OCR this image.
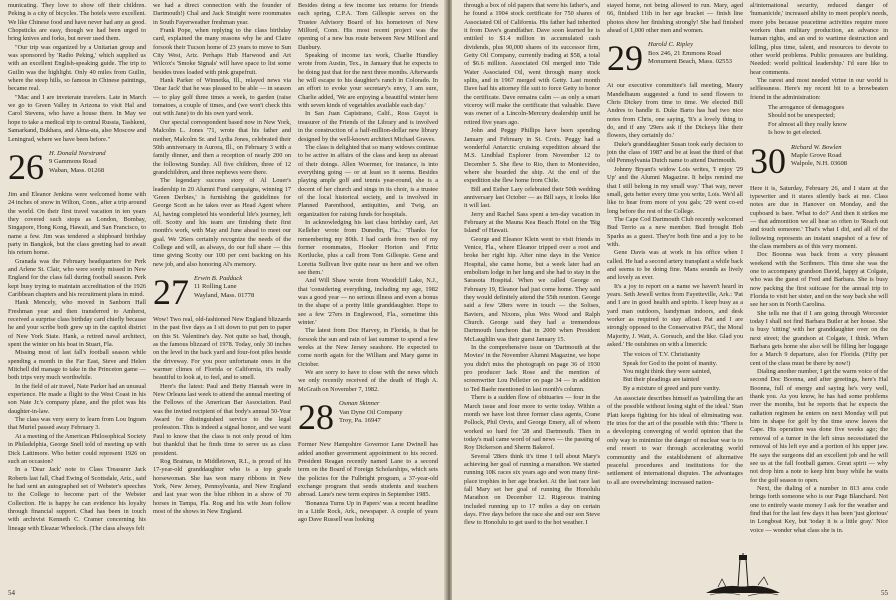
municating. They love to show off their children. Peking is a city of bicycles. The hotels were excellent. We like Chinese food and have never had any as good. Chopsticks are easy, though we had been urged to bring knives and forks, but never used them.

"Our trip was organized by a Unitarian group and was sponsored by 'Radio Peking,' which supplied us with an excellent English-speaking guide. The trip to Guilin was the highlight. Only 40 miles from Guilin, where the steep hills, so famous in Chinese paintings, became real.

"Mac and I are inveterate travelers. Late in March we go to Green Valley in Arizona to visit Hal and Carol Stevens, who have a house there. In May we hope to take a medical trip to central Russia, Tashkent, Samarkand, Bukhara, and Alma-ata, also Moscow and Leningrad, where we have been before."

26 H. Donald Norstrand
9 Gammons Road
Waban, Mass. 01268

Jim and Eleanor Jenkins were welcomed home with 24 inches of snow in Wilton, Conn., after a trip around the world. On their first travel vacation in ten years they covered such stops as London, Bombay, Singapore, Hong Kong, Hawaii, and San Francisco, to name a few. Jim was tendered a shipboard birthday party in Bangkok, but the class greeting had to await his return home.

Granada was the February headquarters for Perk and Arlene St. Clair, who were sorely missed in New England for the class fall during football season. Perk kept busy trying to maintain accreditation of the 1926 Caribbean chapters and his recruitment plans in mind.

Hank Mencely, who moved in Sanborn Hall Freshman year and then transferred to Amherst, received a surprise class birthday card chiefly because he and your scribe both grew up in the capitol district of New York State. Hank, a retired naval architect, spent the winter on his boat in Stuart, Fla.

Missing most of last fall's football season while spending a month in the Far East, Steve and Helen Mitchell did manage to take in the Princeton game — both trips very much worthwhile.

In the field of air travel, Nate Parker had an unusual experience. He made a flight to the West Coast in his son Nate Jr.'s company plane, and the pilot was his daughter-in-law.

The class was very sorry to learn from Lou Ingram that Muriel passed away February 3.

At a meeting of the American Philosophical Society in Philadelphia, George Snell told of meeting up with Dick Lattimore. Who better could represent 1926 on such an occasion?

In a 'Dear Jack' note to Class Treasurer Jack Roberts last fall, Chad Ewing of Scottsdale, Ariz., said he had sent an autographed set of Webster's speeches to the College to become part of the Webster Collection. He is happy he can evidence his loyalty through financial support. Chad has been in touch with archivist Kenneth C. Cramer concerning his lineage with Eleazar Wheelock. (The class always felt

we had a direct connection with the founder of Dartmouth!) Chal and Jack Straight were roommates in South Fayerweather freshman year.

Frank Pope, when replying to the class birthday card, explained the many reasons why he and Claire forsook their Tucson home of 23 years to move to Sun City West, Ariz. Perhaps Hub Harwood and Art Wilcox's 'Smoke Signals' will have space to list some besides trees loaded with pink grapefruit.

Hank Parker of Winnetka, Ill., relayed news via 'Dear Jack' that he was pleased to be able — in season — to play golf three times a week, to garden (raise tomatoes, a couple of times, and (we won't check this out with Jane) to do his own yard work.

Our special correspondent based now in New York, Malcolm L. Jones '71, wrote that his father and mother, Malcolm Sr. and Lydia Jones, celebrated their 50th anniversary in Aurora, Ill., on February 3 with a family dinner, and then a reception of nearly 200 on the following Sunday. All five children, three of 12 grandchildren, and three nephews were there.

The legendary success story of Al Louer's leadership in 20 Alumni Fund campaigns, winning 17 'Green Derbies,' is furnishing the guidelines for George Scott as he takes over as Head Agent where Al, having completed his wonderful life's journey, left off. Scotty and his team are finishing their first month's work, with May and June ahead to meet our goal. We '26ers certainly recognize the needs of the College and will, as always, do our full share — this time giving Scotty our 100 per cent backing on his new job, and also honoring Al's memory.

27 Erwin B. Padduck
11 Rolling Lane
Wayland, Mass. 01778

Wow! Two real, old-fashioned New England blizzards in the past five days as I sit down to put pen to paper on this St. Valentine's day. Not quite so bad, though, as the famous blizzard of 1978. Today, only 30 inches on the level in the back yard and four-foot piles beside the driveway. For you poor unfortunate ones in the warmer climes of Florida or California, it's really beautiful to look at, to feel, and to smell.

Here's the latest: Paul and Betty Hannah were in New Orleans last week to attend the annual meeting of the Fellows of the American Bar Association. Paul was the invited recipient of that body's annual 50-Year Award for distinguished service to the legal profession. This is indeed a signal honor, and we want Paul to know that the class is not only proud of him but thankful that he finds time to serve us as class president.

Rog Brainau, in Middletown, R.I., is proud of his 17-year-old granddaughter who is a top grade horsewoman. She has won many ribbons in New York, New Jersey, Pennsylvania, and New England and last year won the blue ribbon in a show of 70 horses in Tampa, Fla. Rog and his wife Jean follow most of the shows in New England.

Besides doing a few income tax returns for friends each spring, C.P.A. Tom Gillespie serves on the Trustee Advisory Board of his hometown of New Milford, Conn. His most recent project was the opening of a new bus route between New Milford and Danbury.

Speaking of income tax work, Charlie Hundley wrote from Austin, Tex., in January that he expects to be doing just that for the next three months. Afterwards he will escape to his daughter's ranch in Colorado. In an effort to evoke your secretary's envy, I am sure, Charlie added, 'We are enjoying a beautiful winter here with seven kinds of vegetables available each day.'

In San Juan Capistrano, Calif., Ross Guyot is treasurer of the Friends of the Library and is involved in the construction of a half-million-dollar new library designed by the well-known architect Michael Graves.

The class is delighted that so many widows continue to be active in affairs of the class and keep us abreast of their doings. Allen Woermer, for instance, is into everything going — or at least so it seems. Besides playing ample golf and tennis year-round, she is a docent of her church and sings in its choir, is a trustee of the local historical society, and is involved in Planned Parenthood, antiquities, and Twig, an organization for raising funds for hospitals.

In acknowledging his last class birthday card, Art Kelleher wrote from Dunedin, Fla.: 'Thanks for remembering my 80th. I had cards from two of my former roommates, Hooker Horton and Fritz Kortlucke, plus a call from Tom Gillespie. Gene and Loretta Sullivan live quite near us here and we often see them.'

And Will Shaw wrote from Woodcliff Lake, N.J., that 'considering everything, including my age, 1982 was a good year — no serious illness and even a bonus in the shape of a pretty little granddaughter. Hope to see a few '27ers in Englewood, Fla., sometime this winter.'

The latest from Doc Harvey, in Florida, is that he forsook the sun and rain of last summer to spend a few weeks at the New Jersey seashore. He expected to come north again for the William and Mary game in October.

We are sorry to have to close with the news which we only recently received of the death of Hugh A. McGrath on November 7, 1982.

28 Osman Skinner
Van Dyne Oil Company
Troy, Pa. 16947

Former New Hampshire Governor Lane Dwinell has added another government appointment to his record. President Reagan recently named Lane to a second term on the Board of Foreign Scholarships, which sets the policies for the Fulbright program, a 37-year-old exchange program that sends students and teachers abroad. Lane's new term expires in September 1985.

'Bonanza Turns Up in Papers' was a recent headline in a Little Rock, Ark., newspaper. A couple of years ago Dave Russell was looking

54

through a box of old papers that were his father's, and he found a 1904 stock certificate for 750 shares of Associated Oil of California. His father had inherited it from Dave's grandfather. Dave soon learned he is entitled to $1.4 million in accumulated cash dividends, plus 90,000 shares of its successor firm, Getty Oil Company, currently trading at $58, a total of $6.6 million. Associated Oil merged into Tide Water Associated Oil, went through many stock splits, and in 1967 merged with Getty. Last month Dave had his attorney file suit to force Getty to honor the certificate. Dave remains calm — as only a smart viceroy will make the certificate that valuable. Dave was owner of a Lincoln-Mercury dealership until he retired five years ago.

John and Peggy Phillips have been spending January and February in St. Croix. Peggy had a wonderful Antarctic cruising expedition aboard the M.S. Lindblad Explorer from November 12 to December 5. She flew to Rio, then to Montevideo, where she boarded the ship. At the end of the expedition she flew home from Chile.

Bill and Esther Lary celebrated their 50th wedding anniversary last October — as Bill says, it looks like it will last.

Jerry and Rachel Sass spent a ten-day vacation in February at the Mauna Kea Beach Hotel on the 'Big Island' of Hawaii.

George and Eleanor Klein went to visit friends in Venice, Fla., where Eleanor tripped over a root and broke her right hip. After nine days in the Venice Hospital, she came home, but a week later had an embolism lodge in her lung and she had to stay in the Sarasota Hospital. When we called George on February 19, Eleanor had just come home. They said they would definitely attend the 55th reunion. George said a few '28ers were in touch — the Solises, Baviers, and Nixons, plus Wes Wood and Ralph Church. George said they had a tremendous Dartmouth luncheon that in 2000 when President McLaughlin was their guest January 15.

In the comprehensive issue on 'Dartmouth at the Movies' in the November Alumni Magazine, we hope you didn't miss the photograph on page 36 of 1930 pro producer Jack Rose and the mention of screenwriter Lou Pelletier on page 34 — in addition to Ted Baehr mentioned in last month's column.

There is a sudden flow of obituaries — four in the March issue and four more to write today. Within a month we have lost three former class agents, Crane Pollock, Phil Orvis, and George Emery, all of whom worked so hard for '28 and Dartmouth. Then in today's mail came word of sad news — the passing of Roy Dickerson and Sherm Bakerof.

Several '28ers think it's time I tell about Mary's achieving her goal of running a marathon. We started running 10K races six years ago and won many first-place trophies in her age bracket. At the last race last fall Mary set her goal of running the Honolulu Marathon on December 12. Rigorous training included running up to 17 miles a day on certain days. Five days before the race she and our son Steve flew to Honolulu to get used to the hot weather. I

stayed home, not being allowed to run. Mary, aged 66, finished 11th in her age bracket — finish line photos show her finishing strongly! She had finished ahead of 1,000 other men and women.

29 Harold C. Ripley
Box 246, 21 Emmons Road
Monument Beach, Mass. 02553

At our executive committee's fall meeting, Maury Mandelbaum suggested a fund to send flowers to Chris Dickey from time to time. We elected Bill Andres to handle it. Duke Barto has had two nice notes from Chris, one saying, 'It's a lovely thing to do, and if any '29ers ask if the Dickeys like their flowers, they certainly do.'

Duke's granddaughter Susan took early decision to join the class of 1987 and be at least the third of that old Pennsylvania Dutch name to attend Dartmouth.

Johnny Bryant's widow Lois writes, 'I enjoy '29 Up' and the Alumni Magazine. It helps remind me that I still belong in my small way.' That way, never small, gets better every time you write, Lois. We'd all like to hear from more of you gals; '29 went co-ed long before the rest of the College.

The Cape Cod Dartmouth Club recently welcomed Bud Terrio as a new member. Bud brought Bob Sparks as a guest. They're both fine and a joy to be with.

Gene Davis was at work in his office when I called. He had a second artery transplant a while back and seems to be doing fine. Mans sounds as lively and lovely as ever.

It's a joy to report on a name we haven't heard in years. Seth Jewell writes from Fayetteville, Ark.: 'Pat and I are in good health and spirits. I keep busy as a yard man outdoors, handyman indoors, and desk worker as required to stay afloat. Pat and I are strongly opposed to the Conservative PAC, the Moral Majority, J. Watt, A. Gorsuch, and the like. Glad you asked.' He outshines on with a limerick:

The voices of T.V. Christianity
Speak for God to the point of inanity.
You might think they were sainted,
But their pleadings are tainted
By a mixture of greed and pure vanity.

An associate describes himself as 'patrolling the art of the possible without losing sight of the ideal.' Stan Platt keeps fighting for his ideal of eliminating war. He tries for the art of the possible with this: 'There is a developing converging of world opinion that the only way to minimize the danger of nuclear war is to end resort to war through accelerating world community and the establishment of alternative peaceful procedures and institutions for the settlement of international disputes. The advantages to all are overwhelming: increased nation-

al/international security, reduced danger of 'humanicide,' increased ability to meet people's needs, more jobs because peacetime activities require more workers than military production, an advance in human rights, and an end to wartime destruction and killing, plus time, talent, and resources to devote to other world problems. Public pressures are building. Needed: world political leadership.' I'd sure like to hear comments.

The rarest and most needed virtue in our world is selflessness. Here's my recent bit to a browbeaten friend in the administration:

The arrogance of demagogues
Should not be unexpected;
For almost all they really know
Is how to get elected.
30 Richard W. Bowlen
Maple Grove Road
Walpole, N.H. 03608

Here it is, Saturday, February 26, and I stare at the typewriter and it stares silently back at me. Class notes are due in Hanover on Monday, and the cupboard is bare. 'What to do?' And then it strikes me — that admonition we all hear so often to 'Reach out and touch someone.' That's what I did, and all of the following represents an instant snapshot of a few of the class members as of this very moment.

Doc Boonna was back from a very pleasant weekend with the Scribners. This time she was the one to accompany grandson David, happy at Colgate, who was the guest of Fred and Barbara. She is busy now packing the first suitcase for the annual trip to Florida to visit her sister, and on the way back she will see her son in North Carolina.

She tells me that if I am going through Worcester today I shall not find Barbara Butler at her house. She is busy 'sitting' with her granddaughter over on the next street; the grandson at Colgate, I think. When Barbara gets home she also will be filling her luggage for a March 9 departure, also for Florida. (Fifty per cent of the class must be there by now!)

Dialing another number, I get the warm voice of the second Doc Boonna, and after greetings, here's Hal Boonna, full of energy and saying he's very well, thank you. As you know, he has had some problems over the months, but he reports that he expects the radiation regimen he enters on next Monday will put him in shape for golf by the time snow leaves the Cape. His operation was done five weeks ago; the removal of a tumor in the left sinus necessitated the removal of his left eye and a portion of his upper jaw. He says the surgeons did an excellent job and he will see us at the fall football games. Great spirit — why not drop him a note to keep him busy while he waits for the golf season to open.

Next, the dialing of a number in 813 area code brings forth someone who is our Page Blanchard. Not one to entirely waste money I ask for the weather and find that for the last few days it has been 'just glorious' in Longboat Key, but 'today it is a little gray.' Nice voice — wonder what class she is in.

55
